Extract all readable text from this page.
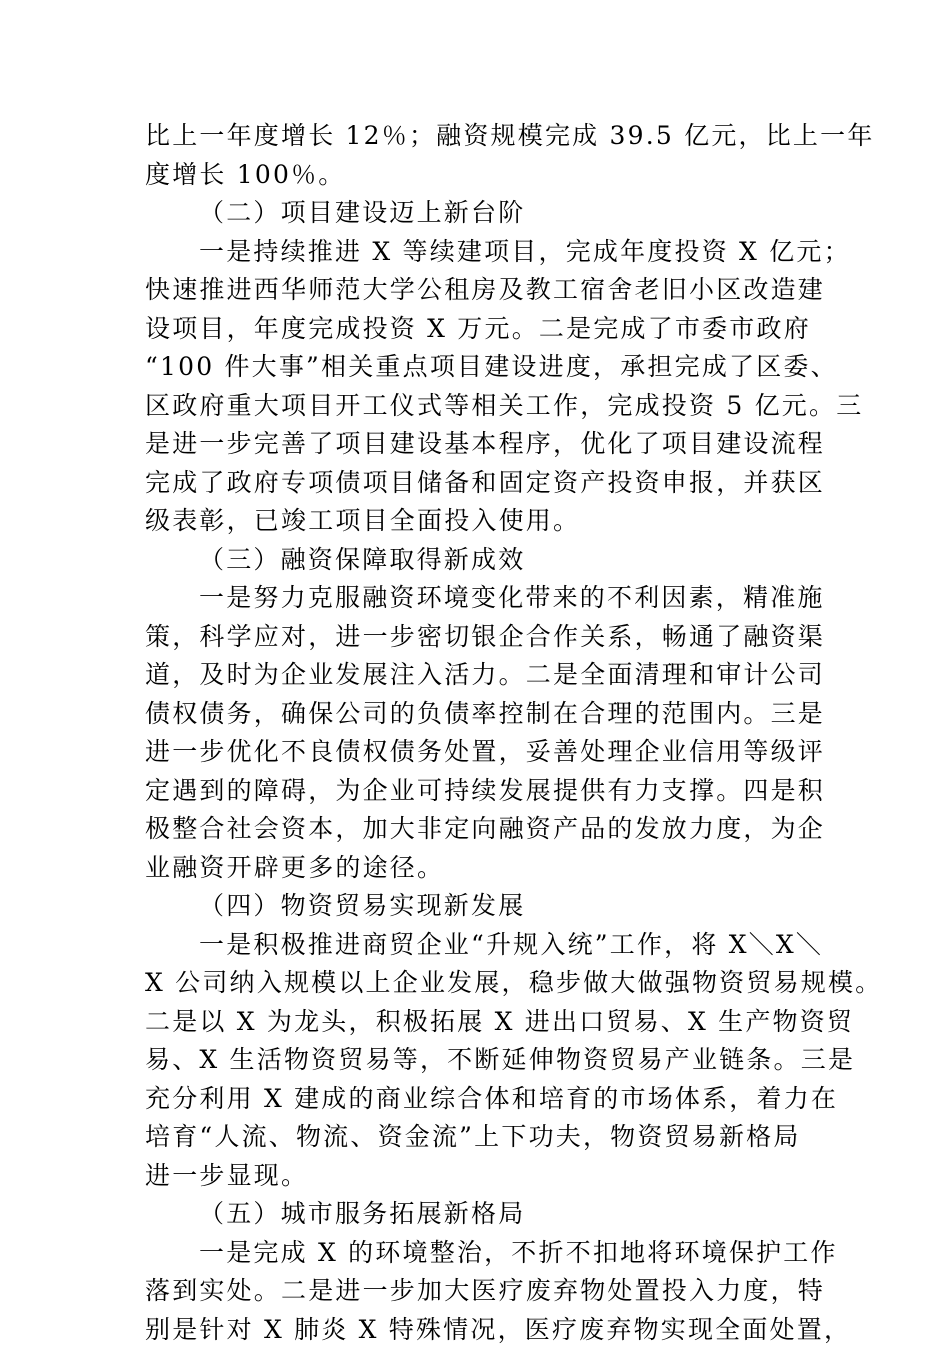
比上一年度增长 12％；融资规模完成 39.5 亿元，比上一年
度增长 100％。

（二）项目建设迈上新台阶

一是持续推进 X 等续建项目，完成年度投资 X 亿元；
快速推进西华师范大学公租房及教工宿舍老旧小区改造建
设项目，年度完成投资 X 万元。二是完成了市委市政府
“100 件大事”相关重点项目建设进度，承担完成了区委、
区政府重大项目开工仪式等相关工作，完成投资 5 亿元。三
是进一步完善了项目建设基本程序，优化了项目建设流程
完成了政府专项债项目储备和固定资产投资申报，并获区
级表彰，已竣工项目全面投入使用。

（三）融资保障取得新成效

一是努力克服融资环境变化带来的不利因素，精准施
策，科学应对，进一步密切银企合作关系，畅通了融资渠
道，及时为企业发展注入活力。二是全面清理和审计公司
债权债务，确保公司的负债率控制在合理的范围内。三是
进一步优化不良债权债务处置，妥善处理企业信用等级评
定遇到的障碍，为企业可持续发展提供有力支撑。四是积
极整合社会资本，加大非定向融资产品的发放力度，为企
业融资开辟更多的途径。

（四）物资贸易实现新发展

一是积极推进商贸企业“升规入统”工作，将 X＼X＼
X 公司纳入规模以上企业发展，稳步做大做强物资贸易规模。
二是以 X 为龙头，积极拓展 X 进出口贸易、X 生产物资贸
易、X 生活物资贸易等，不断延伸物资贸易产业链条。三是
充分利用 X 建成的商业综合体和培育的市场体系，着力在
培育“人流、物流、资金流”上下功夫，物资贸易新格局
进一步显现。

（五）城市服务拓展新格局

一是完成 X 的环境整治，不折不扣地将环境保护工作
落到实处。二是进一步加大医疗废弃物处置投入力度，特
别是针对 X 肺炎 X 特殊情况，医疗废弃物实现全面处置，
